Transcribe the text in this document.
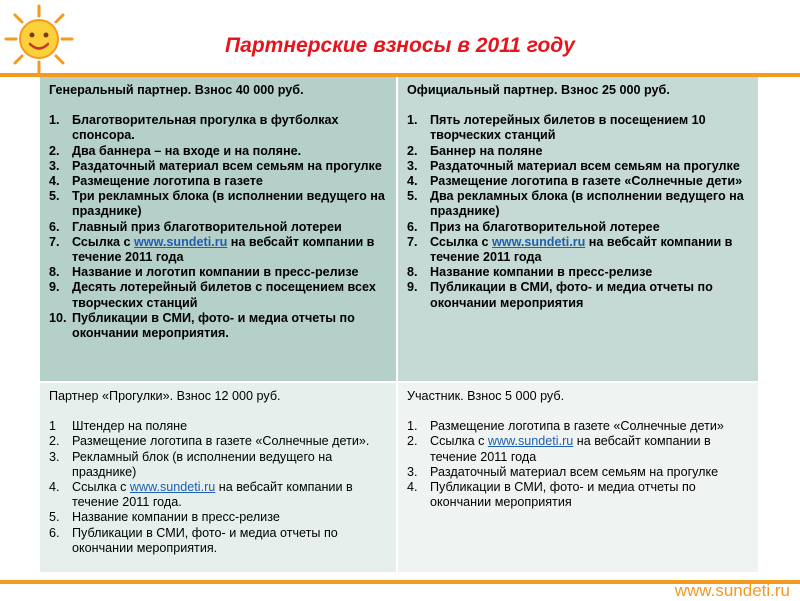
Партнерские взносы в 2011 году
Генеральный партнер. Взнос 40 000 руб.
1. Благотворительная прогулка в футболках спонсора.
2. Два баннера – на входе и на поляне.
3. Раздаточный материал всем семьям на прогулке
4. Размещение логотипа в газете
5. Три рекламных блока (в исполнении ведущего на празднике)
6. Главный приз благотворительной лотереи
7. Ссылка с www.sundeti.ru на вебсайт компании в течение 2011 года
8. Название и логотип компании в пресс-релизе
9. Десять лотерейный билетов с посещением всех творческих станций
10. Публикации в СМИ, фото- и медиа отчеты по окончании мероприятия.
Официальный партнер. Взнос 25 000 руб.
1. Пять лотерейных билетов в посещением 10 творческих станций
2. Баннер на поляне
3. Раздаточный материал всем семьям на прогулке
4. Размещение логотипа в газете «Солнечные дети»
5. Два рекламных блока (в исполнении ведущего на празднике)
6. Приз на благотворительной лотерее
7. Ссылка с www.sundeti.ru на вебсайт компании в течение 2011 года
8. Название компании в пресс-релизе
9. Публикации в СМИ, фото- и медиа отчеты по окончании мероприятия
Партнер «Прогулки». Взнос 12 000 руб.
1 Штендер на поляне
2. Размещение логотипа в газете «Солнечные дети».
3. Рекламный блок (в исполнении ведущего на празднике)
4. Ссылка с www.sundeti.ru на вебсайт компании в течение 2011 года.
5. Название компании в пресс-релизе
6. Публикации в СМИ, фото- и медиа отчеты по окончании мероприятия.
Участник. Взнос 5 000 руб.
1. Размещение логотипа в газете «Солнечные дети»
2. Ссылка с www.sundeti.ru на вебсайт компании в течение 2011 года
3. Раздаточный материал всем семьям на прогулке
4. Публикации в СМИ, фото- и медиа отчеты по окончании мероприятия
www.sundeti.ru
